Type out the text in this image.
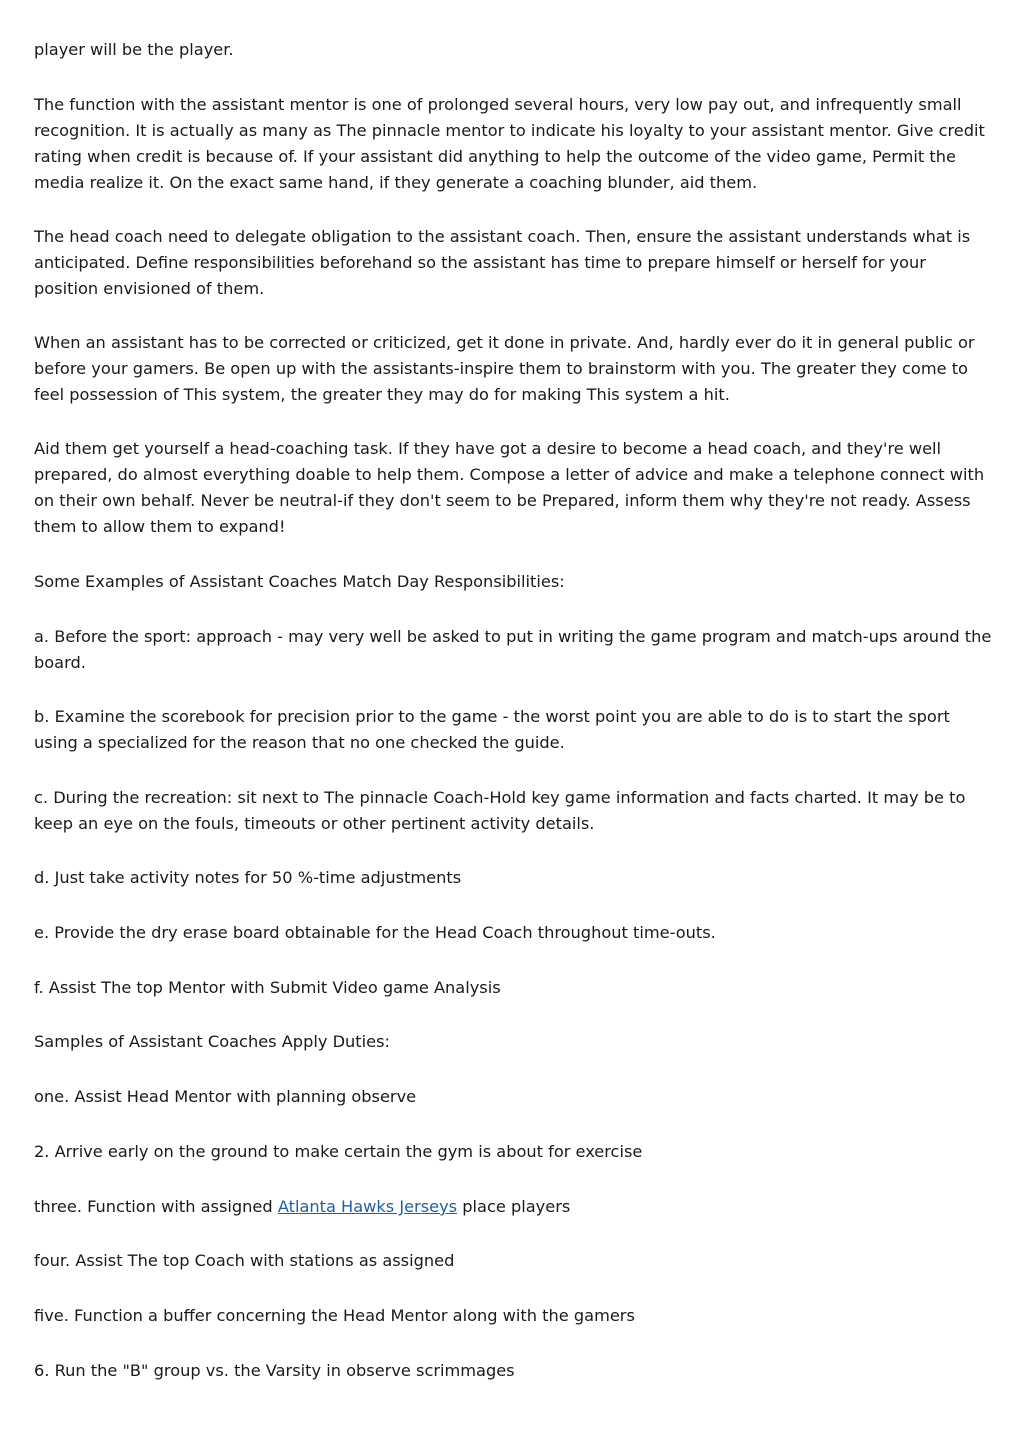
player will be the player.

The function with the assistant mentor is one of prolonged several hours, very low pay out, and infrequently small recognition. It is actually as many as The pinnacle mentor to indicate his loyalty to your assistant mentor. Give credit rating when credit is because of. If your assistant did anything to help the outcome of the video game, Permit the media realize it. On the exact same hand, if they generate a coaching blunder, aid them.

The head coach need to delegate obligation to the assistant coach. Then, ensure the assistant understands what is anticipated. Define responsibilities beforehand so the assistant has time to prepare himself or herself for your position envisioned of them.

When an assistant has to be corrected or criticized, get it done in private. And, hardly ever do it in general public or before your gamers. Be open up with the assistants-inspire them to brainstorm with you. The greater they come to feel possession of This system, the greater they may do for making This system a hit.

Aid them get yourself a head-coaching task. If they have got a desire to become a head coach, and they're well prepared, do almost everything doable to help them. Compose a letter of advice and make a telephone connect with on their own behalf. Never be neutral-if they don't seem to be Prepared, inform them why they're not ready. Assess them to allow them to expand!

Some Examples of Assistant Coaches Match Day Responsibilities:

a. Before the sport: approach - may very well be asked to put in writing the game program and match-ups around the board.

b. Examine the scorebook for precision prior to the game - the worst point you are able to do is to start the sport using a specialized for the reason that no one checked the guide.

c. During the recreation: sit next to The pinnacle Coach-Hold key game information and facts charted. It may be to keep an eye on the fouls, timeouts or other pertinent activity details.

d. Just take activity notes for 50 %-time adjustments

e. Provide the dry erase board obtainable for the Head Coach throughout time-outs.

f. Assist The top Mentor with Submit Video game Analysis

Samples of Assistant Coaches Apply Duties:

one. Assist Head Mentor with planning observe

2. Arrive early on the ground to make certain the gym is about for exercise

three. Function with assigned Atlanta Hawks Jerseys place players

four. Assist The top Coach with stations as assigned

five. Function a buffer concerning the Head Mentor along with the gamers

6. Run the "B" group vs. the Varsity in observe scrimmages
